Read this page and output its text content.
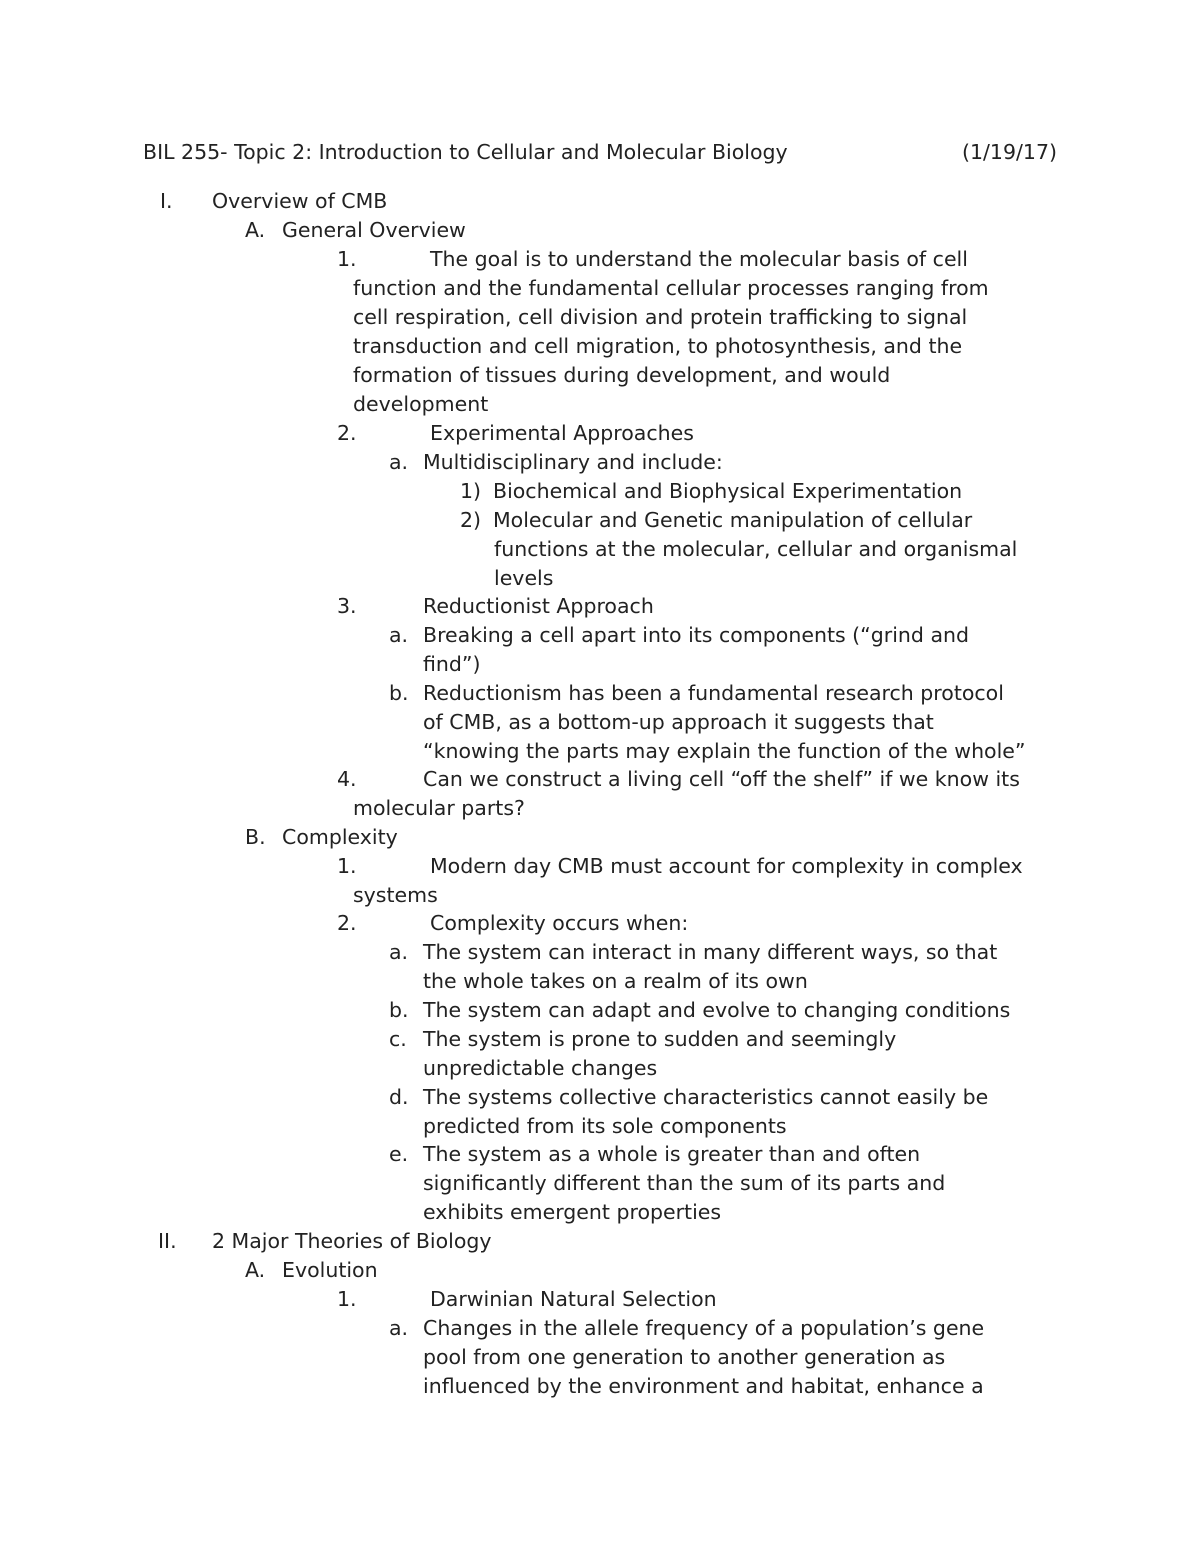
BIL 255- Topic 2: Introduction to Cellular and Molecular Biology	(1/19/17)
I. Overview of CMB
A. General Overview
1.	The goal is to understand the molecular basis of cell
function and the fundamental cellular processes ranging from
cell respiration, cell division and protein trafficking to signal
transduction and cell migration, to photosynthesis, and the
formation of tissues during development, and would
development
2.	Experimental Approaches
a. Multidisciplinary and include:
1) Biochemical and Biophysical Experimentation
2) Molecular and Genetic manipulation of cellular
functions at the molecular, cellular and organismal
levels
3.	Reductionist Approach
a. Breaking a cell apart into its components (“grind and
find”)
b. Reductionism has been a fundamental research protocol
of CMB, as a bottom-up approach it suggests that
“knowing the parts may explain the function of the whole”
4.	Can we construct a living cell “off the shelf” if we know its
molecular parts?
B. Complexity
1.	Modern day CMB must account for complexity in complex
systems
2.	Complexity occurs when:
a. The system can interact in many different ways, so that
the whole takes on a realm of its own
b. The system can adapt and evolve to changing conditions
c. The system is prone to sudden and seemingly
unpredictable changes
d. The systems collective characteristics cannot easily be
predicted from its sole components
e. The system as a whole is greater than and often
significantly different than the sum of its parts and
exhibits emergent properties
II. 2 Major Theories of Biology
A. Evolution
1.	Darwinian Natural Selection
a. Changes in the allele frequency of a population’s gene
pool from one generation to another generation as
influenced by the environment and habitat, enhance a
